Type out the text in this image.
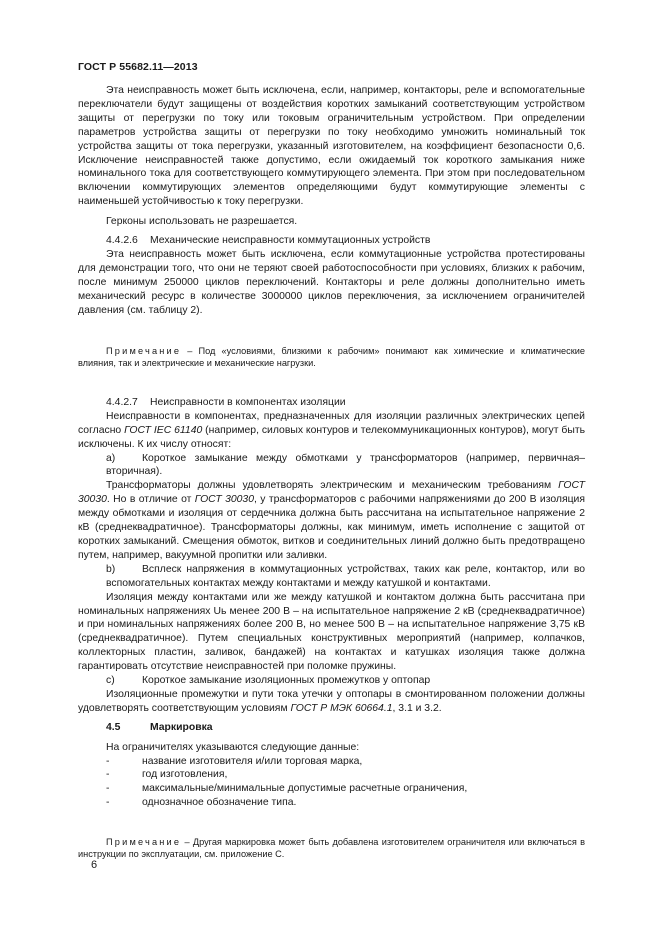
ГОСТ Р 55682.11—2013

Эта неисправность может быть исключена, если, например, контакторы, реле и вспомогательные переключатели будут защищены от воздействия коротких замыканий соответствующим устройством защиты от перегрузки по току или токовым ограничительным устройством. При определении параметров устройства защиты от перегрузки по току необходимо умножить номинальный ток устройства защиты от тока перегрузки, указанный изготовителем, на коэффициент безопасности 0,6. Исключение неисправностей также допустимо, если ожидаемый ток короткого замыкания ниже номинального тока для соответствующего коммутирующего элемента. При этом при последовательном включении коммутирующих элементов определяющими будут коммутирующие элементы с наименьшей устойчивостью к току перегрузки.

Герконы использовать не разрешается.

4.4.2.6 Механические неисправности коммутационных устройств

Эта неисправность может быть исключена, если коммутационные устройства протестированы для демонстрации того, что они не теряют своей работоспособности при условиях, близких к рабочим, после минимум 250000 циклов переключений. Контакторы и реле должны дополнительно иметь механический ресурс в количестве 3000000 циклов переключения, за исключением ограничителей давления (см. таблицу 2).

Примечание – Под «условиями, близкими к рабочим» понимают как химические и климатические влияния, так и электрические и механические нагрузки.

4.4.2.7 Неисправности в компонентах изоляции

Неисправности в компонентах, предназначенных для изоляции различных электрических цепей согласно ГОСТ IEC 61140 (например, силовых контуров и телекоммуникационных контуров), могут быть исключены. К их числу относят:

а)	Короткое замыкание между обмотками у трансформаторов (например, первичная–вторичная).

Трансформаторы должны удовлетворять электрическим и механическим требованиям ГОСТ 30030. Но в отличие от ГОСТ 30030, у трансформаторов с рабочими напряжениями до 200 В изоляция между обмотками и изоляция от сердечника должна быть рассчитана на испытательное напряжение 2 кВ (среднеквадратичное). Трансформаторы должны, как минимум, иметь исполнение с защитой от коротких замыканий. Смещения обмоток, витков и соединительных линий должно быть предотвращено путем, например, вакуумной пропитки или заливки.

b)	Всплеск напряжения в коммутационных устройствах, таких как реле, контактор, или во вспомогательных контактах между контактами и между катушкой и контактами.

Изоляция между контактами или же между катушкой и контактом должна быть рассчитана при номинальных напряжениях Uь менее 200 В – на испытательное напряжение 2 кВ (среднеквадратичное) и при номинальных напряжениях более 200 В, но менее 500 В – на испытательное напряжение 3,75 кВ (среднеквадратичное). Путем специальных конструктивных мероприятий (например, колпачков, коллекторных пластин, заливок, бандажей) на контактах и катушках изоляция также должна гарантировать отсутствие неисправностей при поломке пружины.

c)	Короткое замыкание изоляционных промежутков у оптопар

Изоляционные промежутки и пути тока утечки у оптопары в смонтированном положении должны удовлетворять соответствующим условиям ГОСТ Р МЭК 60664.1, 3.1 и 3.2.

4.5	Маркировка

На ограничителях указываются следующие данные:

-	название изготовителя и/или торговая марка,

-	год изготовления,

-	максимальные/минимальные допустимые расчетные ограничения,

-	однозначное обозначение типа.

Примечание – Другая маркировка может быть добавлена изготовителем ограничителя или включаться в инструкции по эксплуатации, см. приложение С.

6
